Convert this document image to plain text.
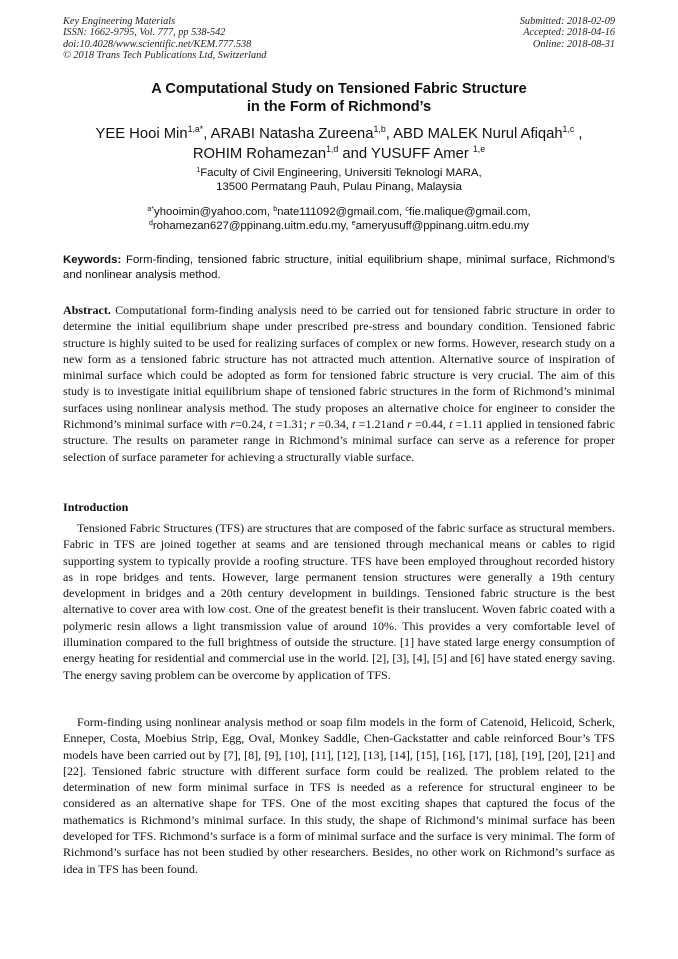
Key Engineering Materials
ISSN: 1662-9795, Vol. 777, pp 538-542
doi:10.4028/www.scientific.net/KEM.777.538
© 2018 Trans Tech Publications Ltd, Switzerland
Submitted: 2018-02-09
Accepted: 2018-04-16
Online: 2018-08-31
A Computational Study on Tensioned Fabric Structure
in the Form of Richmond’s
YEE Hooi Min$^{1,a*}$, ARABI Natasha Zureena$^{1,b}$, ABD MALEK Nurul Afiqah$^{1,c}$ ,
ROHIM Rohamezan$^{1,d}$ and YUSUFF Amer $^{1,e}$
$^1$Faculty of Civil Engineering, Universiti Teknologi MARA,
13500 Permatang Pauh, Pulau Pinang, Malaysia
$^{a*}$yhooimin@yahoo.com, $^b$nate111092@gmail.com, $^c$fie.malique@gmail.com,
$^d$rohamezan627@ppinang.uitm.edu.my, $^e$ameryusuff@ppinang.uitm.edu.my
Keywords: Form-finding, tensioned fabric structure, initial equilibrium shape, minimal surface, Richmond’s and nonlinear analysis method.
Abstract. Computational form-finding analysis need to be carried out for tensioned fabric structure in order to determine the initial equilibrium shape under prescribed pre-stress and boundary condition. Tensioned fabric structure is highly suited to be used for realizing surfaces of complex or new forms. However, research study on a new form as a tensioned fabric structure has not attracted much attention. Alternative source of inspiration of minimal surface which could be adopted as form for tensioned fabric structure is very crucial. The aim of this study is to investigate initial equilibrium shape of tensioned fabric structures in the form of Richmond’s minimal surfaces using nonlinear analysis method. The study proposes an alternative choice for engineer to consider the Richmond’s minimal surface with r=0.24, t =1.31; r =0.34, t =1.21and r =0.44, t =1.11 applied in tensioned fabric structure. The results on parameter range in Richmond’s minimal surface can serve as a reference for proper selection of surface parameter for achieving a structurally viable surface.
Introduction
Tensioned Fabric Structures (TFS) are structures that are composed of the fabric surface as structural members. Fabric in TFS are joined together at seams and are tensioned through mechanical means or cables to rigid supporting system to typically provide a roofing structure. TFS have been employed throughout recorded history as in rope bridges and tents. However, large permanent tension structures were generally a 19th century development in bridges and a 20th century development in buildings. Tensioned fabric structure is the best alternative to cover area with low cost. One of the greatest benefit is their translucent. Woven fabric coated with a polymeric resin allows a light transmission value of around 10%. This provides a very comfortable level of illumination compared to the full brightness of outside the structure. [1] have stated large energy consumption of energy heating for residential and commercial use in the world. [2], [3], [4], [5] and [6] have stated energy saving. The energy saving problem can be overcome by application of TFS.
Form-finding using nonlinear analysis method or soap film models in the form of Catenoid, Helicoid, Scherk, Enneper, Costa, Moebius Strip, Egg, Oval, Monkey Saddle, Chen-Gackstatter and cable reinforced Bour’s TFS models have been carried out by [7], [8], [9], [10], [11], [12], [13], [14], [15], [16], [17], [18], [19], [20], [21] and [22]. Tensioned fabric structure with different surface form could be realized. The problem related to the determination of new form minimal surface in TFS is needed as a reference for structural engineer to be considered as an alternative shape for TFS. One of the most exciting shapes that captured the focus of the mathematics is Richmond’s minimal surface. In this study, the shape of Richmond’s minimal surface has been developed for TFS. Richmond’s surface is a form of minimal surface and the surface is very minimal. The form of Richmond’s surface has not been studied by other researchers. Besides, no other work on Richmond’s surface as idea in TFS has been found.
